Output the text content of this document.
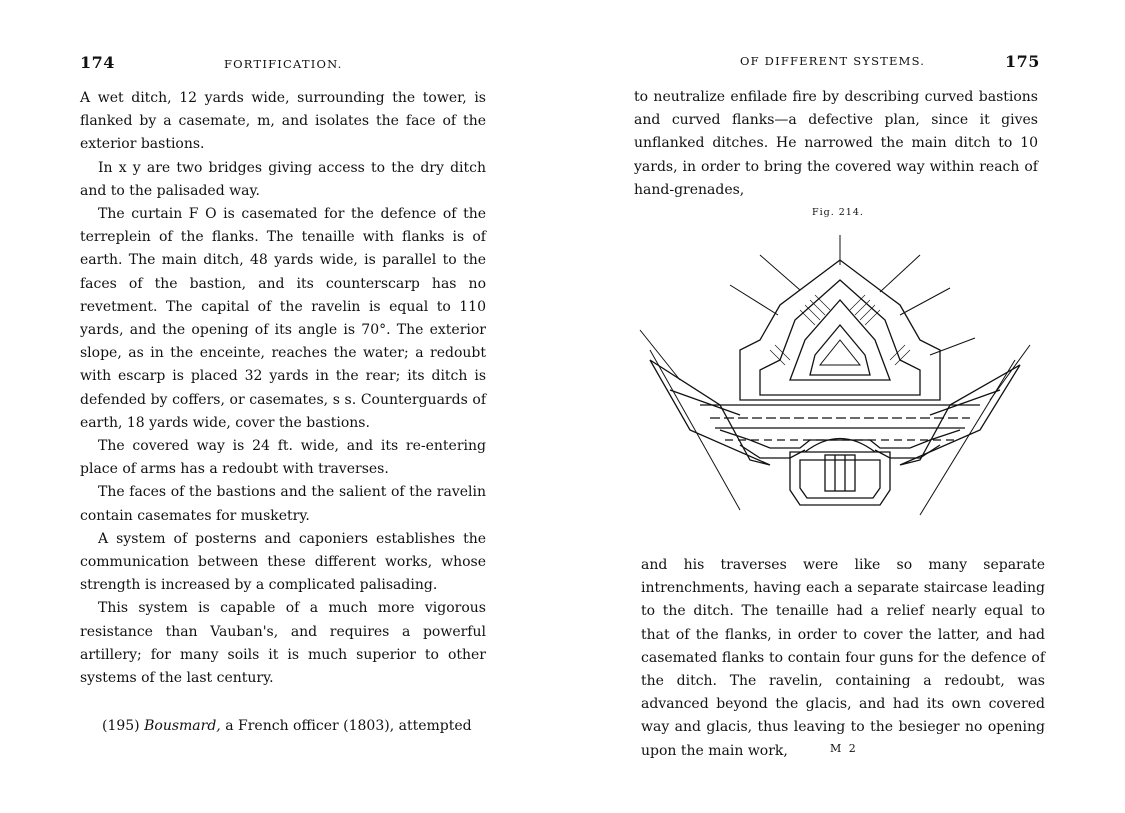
174	FORTIFICATION.

A wet ditch, 12 yards wide, surrounding the tower, is flanked by a casemate, m, and isolates the face of the exterior bastions.

In x y are two bridges giving access to the dry ditch and to the palisaded way.

The curtain F O is casemated for the defence of the terreplein of the flanks. The tenaille with flanks is of earth. The main ditch, 48 yards wide, is parallel to the faces of the bastion, and its counterscarp has no revetment. The capital of the ravelin is equal to 110 yards, and the opening of its angle is 70°. The exterior slope, as in the enceinte, reaches the water; a redoubt with escarp is placed 32 yards in the rear; its ditch is defended by coffers, or casemates, s s. Counterguards of earth, 18 yards wide, cover the bastions.

The covered way is 24 ft. wide, and its re-entering place of arms has a redoubt with traverses.

The faces of the bastions and the salient of the ravelin contain casemates for musketry.

A system of posterns and caponiers establishes the communication between these different works, whose strength is increased by a complicated palisading.

This system is capable of a much more vigorous resistance than Vauban's, and requires a powerful artillery; for many soils it is much superior to other systems of the last century.

(195) Bousmard, a French officer (1803), attempted
OF DIFFERENT SYSTEMS.	175
to neutralize enfilade fire by describing curved bastions and curved flanks—a defective plan, since it gives unflanked ditches. He narrowed the main ditch to 10 yards, in order to bring the covered way within reach of hand-grenades,
Fig. 214.
and his traverses were like so many separate intrenchments, having each a separate staircase leading to the ditch. The tenaille had a relief nearly equal to that of the flanks, in order to cover the latter, and had casemated flanks to contain four guns for the defence of the ditch. The ravelin, containing a redoubt, was advanced beyond the glacis, and had its own covered way and glacis, thus leaving to the besieger no opening upon the main work,	M 2
